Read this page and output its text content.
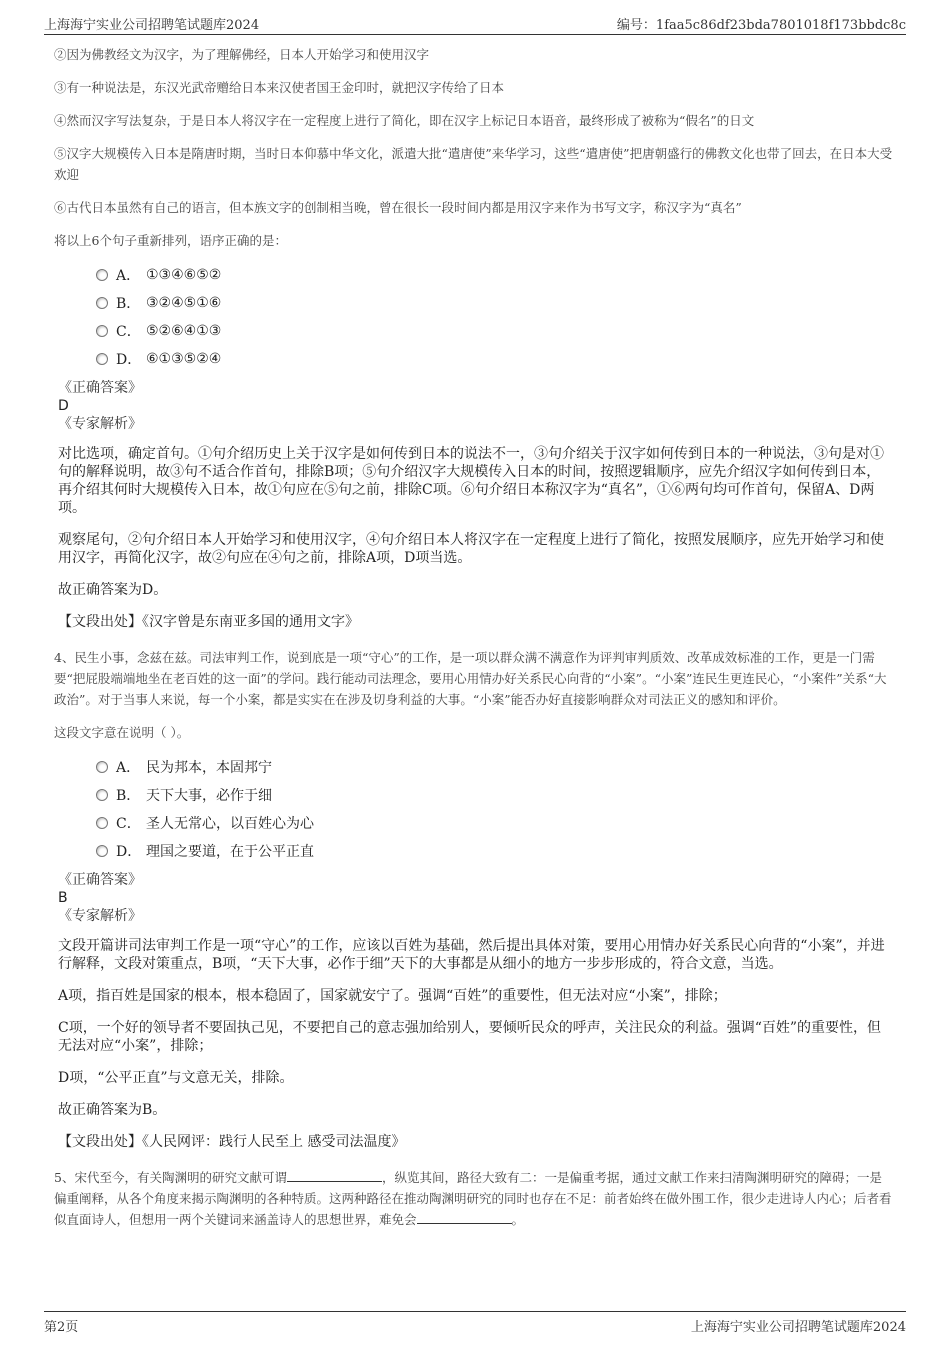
上海海宁实业公司招聘笔试题库2024	编号：1faa5c86df23bda7801018f173bbdc8c

②因为佛教经文为汉字，为了理解佛经，日本人开始学习和使用汉字

③有一种说法是，东汉光武帝赠给日本来汉使者国王金印时，就把汉字传给了日本

④然而汉字写法复杂，于是日本人将汉字在一定程度上进行了简化，即在汉字上标记日本语音，最终形成了被称为“假名”的日文

⑤汉字大规模传入日本是隋唐时期，当时日本仰慕中华文化，派遣大批“遣唐使”来华学习，这些“遣唐使”把唐朝盛行的佛教文化也带了回去，在日本大受欢迎

⑥古代日本虽然有自己的语言，但本族文字的创制相当晚，曾在很长一段时间内都是用汉字来作为书写文字，称汉字为“真名”

将以上6个句子重新排列，语序正确的是：

A． ①③④⑥⑤②
B． ③②④⑤①⑥
C． ⑤②⑥④①③
D． ⑥①③⑤②④
《正确答案》
D
《专家解析》

对比选项，确定首句。①句介绍历史上关于汉字是如何传到日本的说法不一，③句介绍关于汉字如何传到日本的一种说法，③句是对①句的解释说明，故③句不适合作首句，排除B项；⑤句介绍汉字大规模传入日本的时间，按照逻辑顺序，应先介绍汉字如何传到日本，再介绍其何时大规模传入日本，故①句应在⑤句之前，排除C项。⑥句介绍日本称汉字为“真名”，①⑥两句均可作首句，保留A、D两项。

观察尾句，②句介绍日本人开始学习和使用汉字，④句介绍日本人将汉字在一定程度上进行了简化，按照发展顺序，应先开始学习和使用汉字，再简化汉字，故②句应在④句之前，排除A项，D项当选。

故正确答案为D。

【文段出处】《汉字曾是东南亚多国的通用文字》

4、民生小事，念兹在兹。司法审判工作，说到底是一项“守心”的工作，是一项以群众满不满意作为评判审判质效、改革成效标准的工作，更是一门需要“把屁股端端地坐在老百姓的这一面”的学问。践行能动司法理念，要用心用情办好关系民心向背的“小案”。“小案”连民生更连民心，“小案件”关系“大政治”。对于当事人来说，每一个小案，都是实实在在涉及切身利益的大事。“小案”能否办好直接影响群众对司法正义的感知和评价。

这段文字意在说明（ ）。

A． 民为邦本，本固邦宁
B． 天下大事，必作于细
C． 圣人无常心，以百姓心为心
D． 理国之要道，在于公平正直
《正确答案》
B
《专家解析》

文段开篇讲司法审判工作是一项“守心”的工作，应该以百姓为基础，然后提出具体对策，要用心用情办好关系民心向背的“小案”，并进行解释，文段对策重点，B项，“天下大事，必作于细”天下的大事都是从细小的地方一步步形成的，符合文意，当选。

A项，指百姓是国家的根本，根本稳固了，国家就安宁了。强调“百姓”的重要性，但无法对应“小案”，排除；

C项，一个好的领导者不要固执己见，不要把自己的意志强加给别人，要倾听民众的呼声，关注民众的利益。强调“百姓”的重要性，但无法对应“小案”，排除；

D项，“公平正直”与文意无关，排除。

故正确答案为B。

【文段出处】《人民网评：践行人民至上 感受司法温度》

5、宋代至今，有关陶渊明的研究文献可谓	，纵览其间，路径大致有二：一是偏重考据，通过文献工作来扫清陶渊明研究的障碍；一是偏重阐释，从各个角度来揭示陶渊明的各种特质。这两种路径在推动陶渊明研究的同时也存在不足：前者始终在做外围工作，很少走进诗人内心；后者看似直面诗人，但想用一两个关键词来涵盖诗人的思想世界，难免会	。

第2页	上海海宁实业公司招聘笔试题库2024
